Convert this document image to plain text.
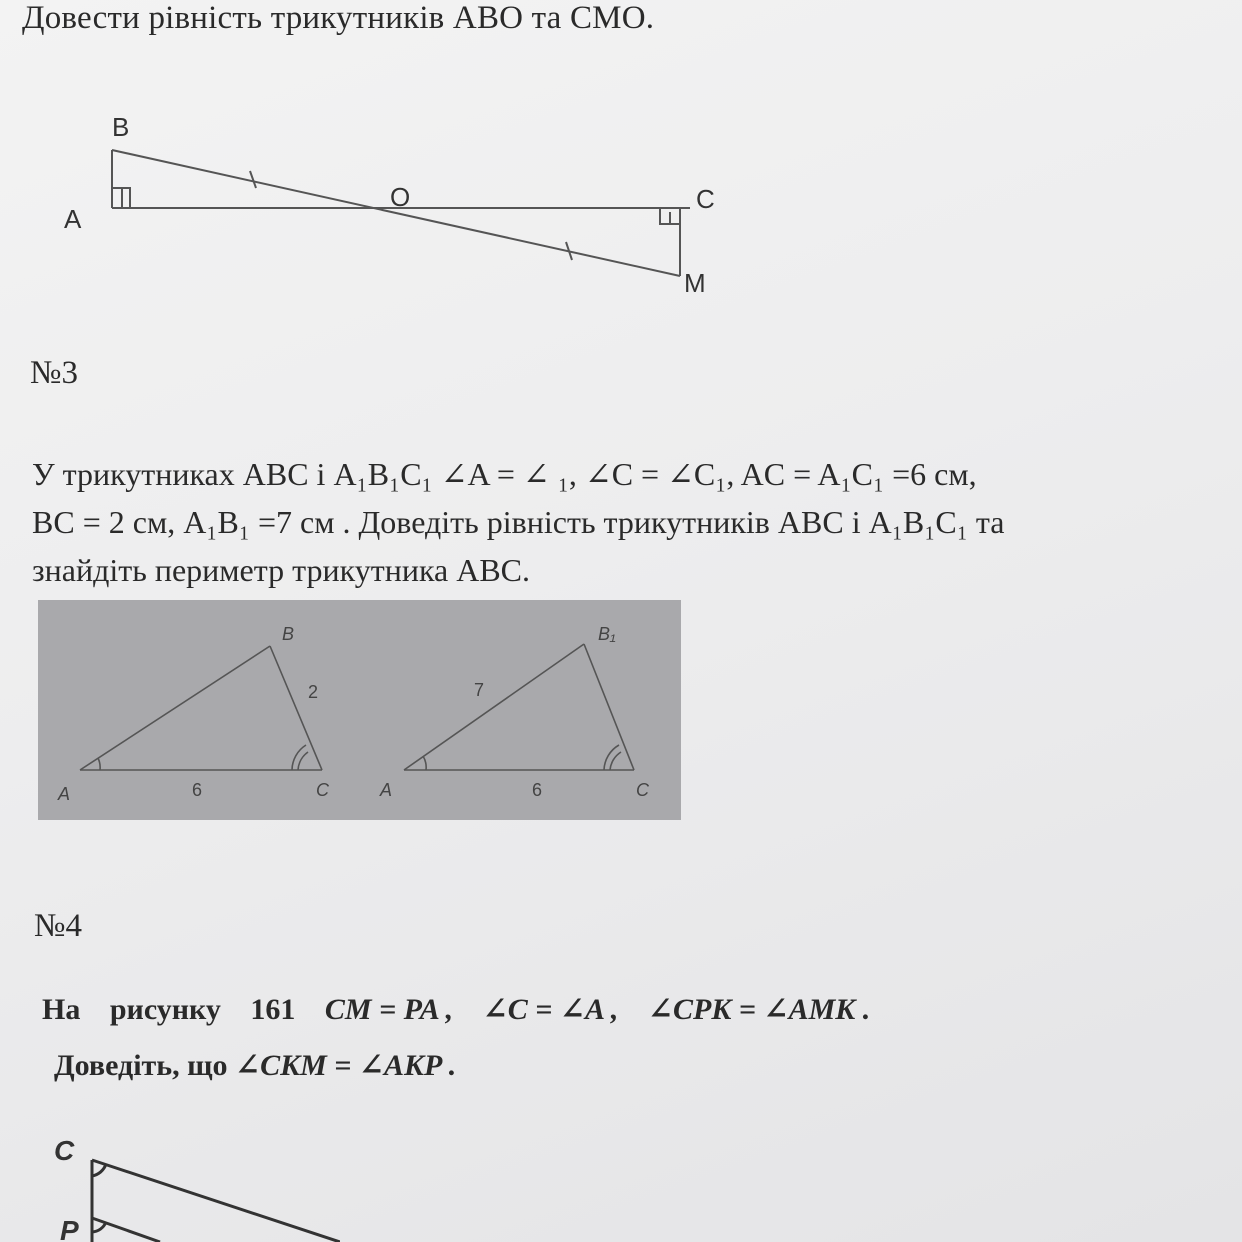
Довести рівність трикутників ABO та CMO.
B
A
O	C
M
№3
У трикутниках ABC і A₁B₁C₁ ∠A = ∠ ₁, ∠C = ∠C₁, AC = A₁C₁ =6 см,
BC = 2 см, A₁B₁ =7 см . Доведіть рівність трикутників ABC і A₁B₁C₁ та
знайдіть периметр трикутника ABC.
B
2
A	6	C
B₁
7
A	6	C
№4
На рисунку 161 CM = PA , ∠C = ∠A , ∠CPK = ∠AMK .
Доведіть, що ∠CKM = ∠AKP .
C
P
